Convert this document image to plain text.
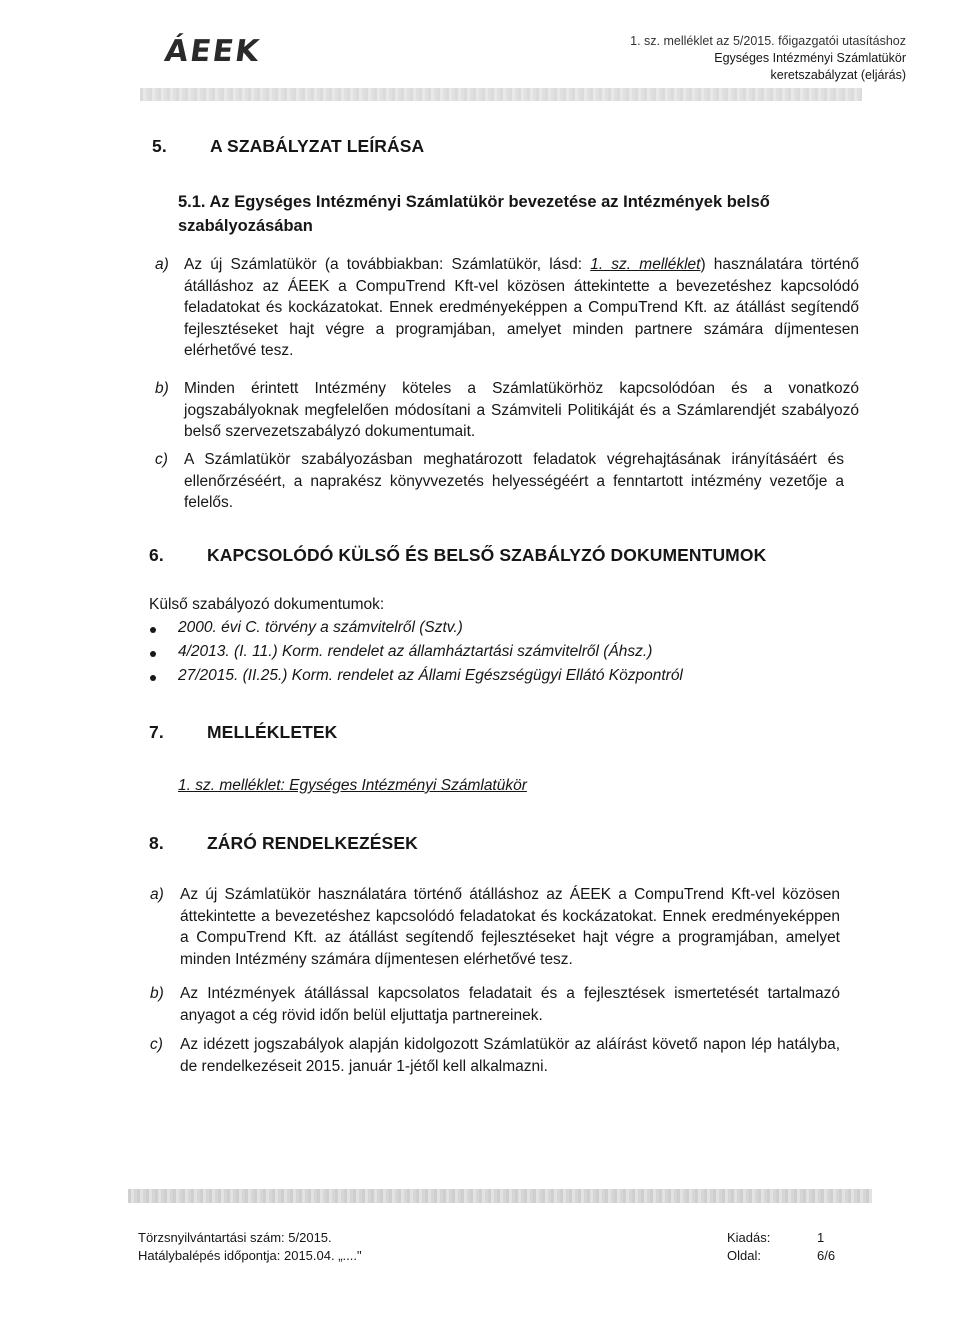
ÁEEK	1. sz. melléklet az 5/2015. főigazgatói utasításhoz
Egységes Intézményi Számlatükör
keretszabályzat (eljárás)
5. A SZABÁLYZAT LEÍRÁSA
5.1. Az Egységes Intézményi Számlatükör bevezetése az Intézmények belső szabályozásában
a) Az új Számlatükör (a továbbiakban: Számlatükör, lásd: 1. sz. melléklet) használatára történő átálláshoz az ÁEEK a CompuTrend Kft-vel közösen áttekintette a bevezetéshez kapcsolódó feladatokat és kockázatokat. Ennek eredményeképpen a CompuTrend Kft. az átállást segítendő fejlesztéseket hajt végre a programjában, amelyet minden partnere számára díjmentesen elérhetővé tesz.
b) Minden érintett Intézmény köteles a Számlatükörhöz kapcsolódóan és a vonatkozó jogszabályoknak megfelelően módosítani a Számviteli Politikáját és a Számlarendjét szabályozó belső szervezetszabályzó dokumentumait.
c) A Számlatükör szabályozásban meghatározott feladatok végrehajtásának irányításáért és ellenőrzéséért, a naprakész könyvvezetés helyességéért a fenntartott intézmény vezetője a felelős.
6. KAPCSOLÓDÓ KÜLSŐ ÉS BELSŐ SZABÁLYZÓ DOKUMENTUMOK
Külső szabályozó dokumentumok:
2000. évi C. törvény a számvitelről (Sztv.)
4/2013. (I. 11.) Korm. rendelet az államháztartási számvitelről (Áhsz.)
27/2015. (II.25.) Korm. rendelet az Állami Egészségügyi Ellátó Központról
7. MELLÉKLETEK
1. sz. melléklet: Egységes Intézményi Számlatükör
8. ZÁRÓ RENDELKEZÉSEK
a) Az új Számlatükör használatára történő átálláshoz az ÁEEK a CompuTrend Kft-vel közösen áttekintette a bevezetéshez kapcsolódó feladatokat és kockázatokat. Ennek eredményeképpen a CompuTrend Kft. az átállást segítendő fejlesztéseket hajt végre a programjában, amelyet minden Intézmény számára díjmentesen elérhetővé tesz.
b) Az Intézmények átállással kapcsolatos feladatait és a fejlesztések ismertetését tartalmazó anyagot a cég rövid időn belül eljuttatja partnereinek.
c) Az idézett jogszabályok alapján kidolgozott Számlatükör az aláírást követő napon lép hatályba, de rendelkezéseit 2015. január 1-jétől kell alkalmazni.
Törzsnyilvántartási szám: 5/2015.
Hatálybalépés időpontja: 2015.04. „...."
Kiadás:	1
Oldal:	6/6
